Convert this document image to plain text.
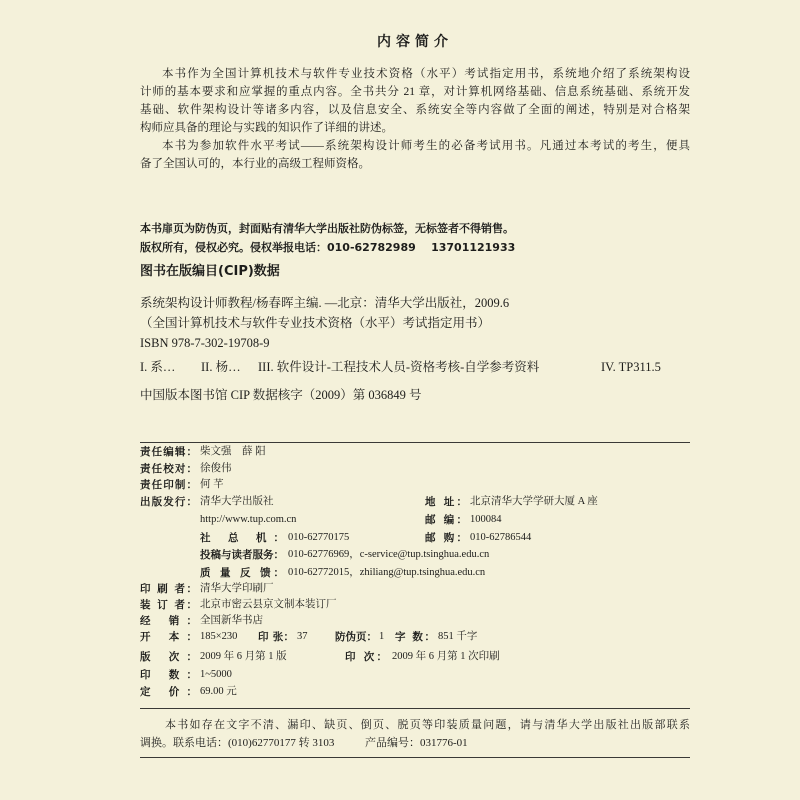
内容简介
本书作为全国计算机技术与软件专业技术资格（水平）考试指定用书，系统地介绍了系统架构设
计师的基本要求和应掌握的重点内容。全书共分 21 章，对计算机网络基础、信息系统基础、系统开发
基础、软件架构设计等诸多内容，以及信息安全、系统安全等内容做了全面的阐述，特别是对合格架
构师应具备的理论与实践的知识作了详细的讲述。
本书为参加软件水平考试——系统架构设计师考生的必备考试用书。凡通过本考试的考生，便具
备了全国认可的，本行业的高级工程师资格。
本书扉页为防伪页，封面贴有清华大学出版社防伪标签，无标签者不得销售。
版权所有，侵权必究。侵权举报电话：010-62782989    13701121933
图书在版编目(CIP)数据
系统架构设计师教程/杨春晖主编. —北京：清华大学出版社，2009.6
（全国计算机技术与软件专业技术资格（水平）考试指定用书）
ISBN 978-7-302-19708-9
I. 系… II. 杨… III. 软件设计-工程技术人员-资格考核-自学参考资料	IV. TP311.5
中国版本图书馆 CIP 数据核字（2009）第 036849 号
责任编辑： 柴文强    薛 阳
责任校对： 徐俊伟
责任印制： 何 芊
出版发行： 清华大学出版社	地 址： 北京清华大学学研大厦 A 座
http://www.tup.com.cn	邮 编： 100084
社 总 机： 010-62770175	邮 购： 010-62786544
投稿与读者服务： 010-62776969，c-service@tup.tsinghua.edu.cn
质 量 反 馈： 010-62772015，zhiliang@tup.tsinghua.edu.cn
印 刷 者： 清华大学印刷厂
装 订 者： 北京市密云县京文制本装订厂
经 销： 全国新华书店
开 本： 185×230 印 张： 37	防伪页： 1 字 数： 851 千字
版 次： 2009 年 6 月第 1 版	印 次： 2009 年 6 月第 1 次印刷
印 数： 1~5000
定 价： 69.00 元
本书如存在文字不清、漏印、缺页、倒页、脱页等印装质量问题，请与清华大学出版社出版部联系
调换。联系电话：(010)62770177 转 3103	产品编号：031776-01
